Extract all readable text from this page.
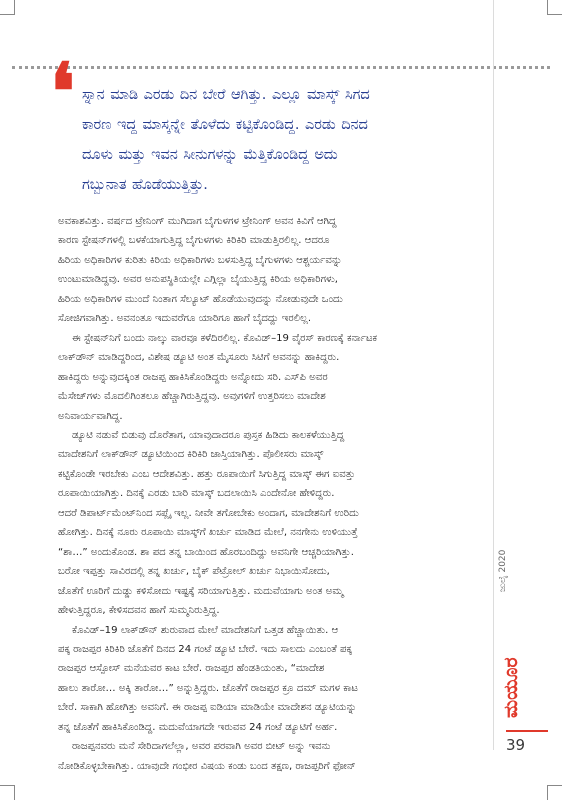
❛ ಸ್ನಾನ ಮಾಡಿ ಎರಡು ದಿನ ಬೇರೆ ಆಗಿತ್ತು. ಎಲ್ಲೂ ಮಾಸ್ಕ್ ಸಿಗದ
ಕಾರಣ ಇದ್ದ ಮಾಸ್ಕನ್ನೇ ತೊಳೆದು ಕಟ್ಟಿಕೊಂಡಿದ್ದ. ಎರಡು ದಿನದ
ದೂಳು ಮತ್ತು ಇವನ ಸೀನುಗಳನ್ನು ಮೆತ್ತಿಕೊಂಡಿದ್ದ ಅದು
ಗಬ್ಬುನಾತ ಹೊಡೆಯುತ್ತಿತ್ತು.
ಅವಕಾಶವಿತ್ತು. ವರ್ಷದ ಟ್ರೇನಿಂಗ್ ಮುಗಿದಾಗ ಬೈಗುಳಗಳ ಟ್ರೇನಿಂಗ್ ಅವನ ಕಿವಿಗೆ ಆಗಿದ್ದ
ಕಾರಣ ಸ್ಟೇಷನ್‌ಗಳಲ್ಲಿ ಬಳಕೆಯಾಗುತ್ತಿದ್ದ ಬೈಗುಳಗಳು ಕಿರಿಕಿರಿ ಮಾಡುತ್ತಿರಲಿಲ್ಲ. ಆದರೂ
ಹಿರಿಯ ಅಧಿಕಾರಿಗಳ ಕುರಿತು ಕಿರಿಯ ಅಧಿಕಾರಿಗಳು ಬಳಸುತ್ತಿದ್ದ ಬೈಗುಳಗಳು ಆಶ್ಚರ್ಯವನ್ನು
ಉಂಟುಮಾಡಿದ್ದವು. ಅವರ ಅನುಪಸ್ಥಿತಿಯಲ್ಲೇ ಎಗ್ಗಿಲ್ಲಾ ಬೈಯುತ್ತಿದ್ದ ಕಿರಿಯ ಅಧಿಕಾರಿಗಳು,
ಹಿರಿಯ ಅಧಿಕಾರಿಗಳ ಮುಂದೆ ನಿಂತಾಗ ಸೆಲ್ಯೂಟ್ ಹೊಡೆಯುವುದನ್ನು ನೋಡುವುದೇ ಒಂದು
ಸೋಜಿಗವಾಗಿತ್ತು. ಅವನಂತೂ ಇದುವರೆಗೂ ಯಾರಿಗೂ ಹಾಗೆ ಬೈದದ್ದು ಇರಲಿಲ್ಲ.
ಈ ಸ್ಟೇಷನ್‌ನಿಗೆ ಬಂದು ನಾಲ್ಕು ವಾರವೂ ಕಳೆದಿರಲಿಲ್ಲ. ಕೊವಿಡ್–19 ವೈರಸ್ ಕಾರಣಕ್ಕೆ ಕರ್ನಾಟಕ
ಲಾಕ್‌ಡೌನ್ ಮಾಡಿದ್ದರಿಂದ, ವಿಶೇಷ ಡ್ಯೂಟಿ ಅಂತ ಮೈಸೂರು ಸಿಟಿಗೆ ಅವನನ್ನು ಹಾಕಿದ್ದರು.
ಹಾಕಿದ್ದರು ಅನ್ನುವುದಕ್ಕಿಂತ ರಾಜಪ್ಪ ಹಾಕಿಸಿಕೊಂಡಿದ್ದರು ಅನ್ನೋದು ಸರಿ. ಎಸ್‌ಪಿ ಅವರ
ಮೆಸೇಜ್‌ಗಳು ಮೊದಲಿಗಿಂತಲೂ ಹೆಚ್ಚಾಗಿರುತ್ತಿದ್ದವು. ಅವುಗಳಿಗೆ ಉತ್ತರಿಸಲು ಮಾದೇಶ
ಅನಿವಾರ್ಯವಾಗಿದ್ದ.
ಡ್ಯೂಟಿ ನಡುವೆ ಬಿಡುವು ದೊರೆತಾಗ, ಯಾವುದಾದರೂ ಪುಸ್ತಕ ಹಿಡಿದು ಕಾಲಕಳೆಯುತ್ತಿದ್ದ
ಮಾದೇಶನಿಗೆ ಲಾಕ್‌ಡೌನ್ ಡ್ಯೂಟಿಯಿಂದ ಕಿರಿಕಿರಿ ಜಾಸ್ತಿಯಾಗಿತ್ತು. ಪೊಲೀಸರು ಮಾಸ್ಕ್
ಕಟ್ಟಿಕೊಂಡೇ ಇರಬೇಕು ಎಂಬ ಆದೇಶವಿತ್ತು. ಹತ್ತು ರೂಪಾಯಿಗೆ ಸಿಗುತ್ತಿದ್ದ ಮಾಸ್ಕ್ ಈಗ ಐವತ್ತು
ರೂಪಾಯಿಯಾಗಿತ್ತು. ದಿನಕ್ಕೆ ಎರಡು ಬಾರಿ ಮಾಸ್ಕ್ ಬದಲಾಯಿಸಿ ಎಂದೇನೋ ಹೇಳಿದ್ದರು.
ಆದರೆ ಡಿಪಾರ್ಟ್‌ಮೆಂಟ್‌ನಿಂದ ಸಪ್ಲೈ ಇಲ್ಲ. ನೀವೇ ತಗೋಬೇಕು ಅಂದಾಗ, ಮಾದೇಶನಿಗೆ ಉರಿದು
ಹೋಗಿತ್ತು. ದಿನಕ್ಕೆ ನೂರು ರೂಪಾಯಿ ಮಾಸ್ಕ್‌ಗೆ ಖರ್ಚು ಮಾಡಿದ ಮೇಲೆ, ನನಗೇನು ಉಳಿಯುತ್ತೆ
“ಶಾ…” ಅಂದುಕೊಂಡ. ಶಾ ಪದ ತನ್ನ ಬಾಯಿಂದ ಹೊರಬಂದಿದ್ದು ಅವನಿಗೇ ಆಚ್ಚರಿಯಾಗಿತ್ತು.
ಬರೋ ಇಪ್ಪತ್ತು ಸಾವಿರದಲ್ಲಿ ತನ್ನ ಖರ್ಚು, ಬೈಕ್ ಪೆಟ್ರೋಲ್ ಖರ್ಚು ನಿಭಾಯಿಸೋದು,
ಜೊತೆಗೆ ಊರಿಗೆ ದುಡ್ಡು ಕಳಿಸೋದು ಇಷ್ಟಕ್ಕೆ ಸರಿಯಾಗುತ್ತಿತ್ತು. ಮದುವೆಯಾಗು ಅಂತ ಅಮ್ಮ
ಹೇಳುತ್ತಿದ್ದರೂ, ಕೇಳಿಸದವನ ಹಾಗೆ ಸುಮ್ಮನಿರುತ್ತಿದ್ದ.
ಕೊವಿಡ್–19 ಲಾಕ್‌ಡೌನ್ ಶುರುವಾದ ಮೇಲೆ ಮಾದೇಶನಿಗೆ ಒತ್ತಡ ಹೆಚ್ಚಾಯಿತು. ಆ
ಪಕ್ಕ ರಾಜಪ್ಪರ ಕಿರಿಕಿರಿ ಜೊತೆಗೆ ದಿನದ 24 ಗಂಟೆ ಡ್ಯೂಟಿ ಬೇರೆ. ಇದು ಸಾಲದು ಎಂಬಂತೆ ಪಕ್ಕ
ರಾಜಪ್ಪರ ಆಸ್ಪೋಸ್ ಮನೆಯವರ ಕಾಟ ಬೇರೆ. ರಾಜಪ್ಪರ ಹೆಂಡತಿಯಂತು, “ಮಾದೇಶ
ಹಾಲು ತಾರೋ… ಅಕ್ಕಿ ತಾರೋ…” ಅನ್ನುತ್ತಿದ್ದರು. ಜೊತೆಗೆ ರಾಜಪ್ಪರ ಕ್ರೂ ದಮ್ ಮಗಳ ಕಾಟ
ಬೇರೆ. ಸಾಕಾಗಿ ಹೋಗಿತ್ತು ಅವನಿಗೆ. ಈ ರಾಜಪ್ಪ ಐಡಿಯಾ ಮಾಡಿಯೇ ಮಾದೇಶನ ಡ್ಯೂಟಿಯನ್ನು
ತನ್ನ ಜೊತೆಗೆ ಹಾಕಿಸಿಕೊಂಡಿದ್ದ. ಮದುವೆಯಾಗದೇ ಇರುವವ 24 ಗಂಟೆ ಡ್ಯೂಟಿಗೆ ಅರ್ಹ.
ರಾಜಪ್ಪನವರು ಮನೆ ಸೇರಿದಾಗಲೆಲ್ಲಾ, ಅವರ ಪರವಾಗಿ ಅವರ ಬೀಟ್ ಅನ್ನು ಇವನು
ನೋಡಿಕೊಳ್ಳಬೇಕಾಗಿತ್ತು. ಯಾವುದೇ ಗಂಭೀರ ವಿಷಯ ಕಂಡು ಬಂದ ತಕ್ಷಣ, ರಾಜಪ್ಪರಿಗೆ ಫೋನ್
ಜುಲೈ 2020
ಮಯೂರ
39
